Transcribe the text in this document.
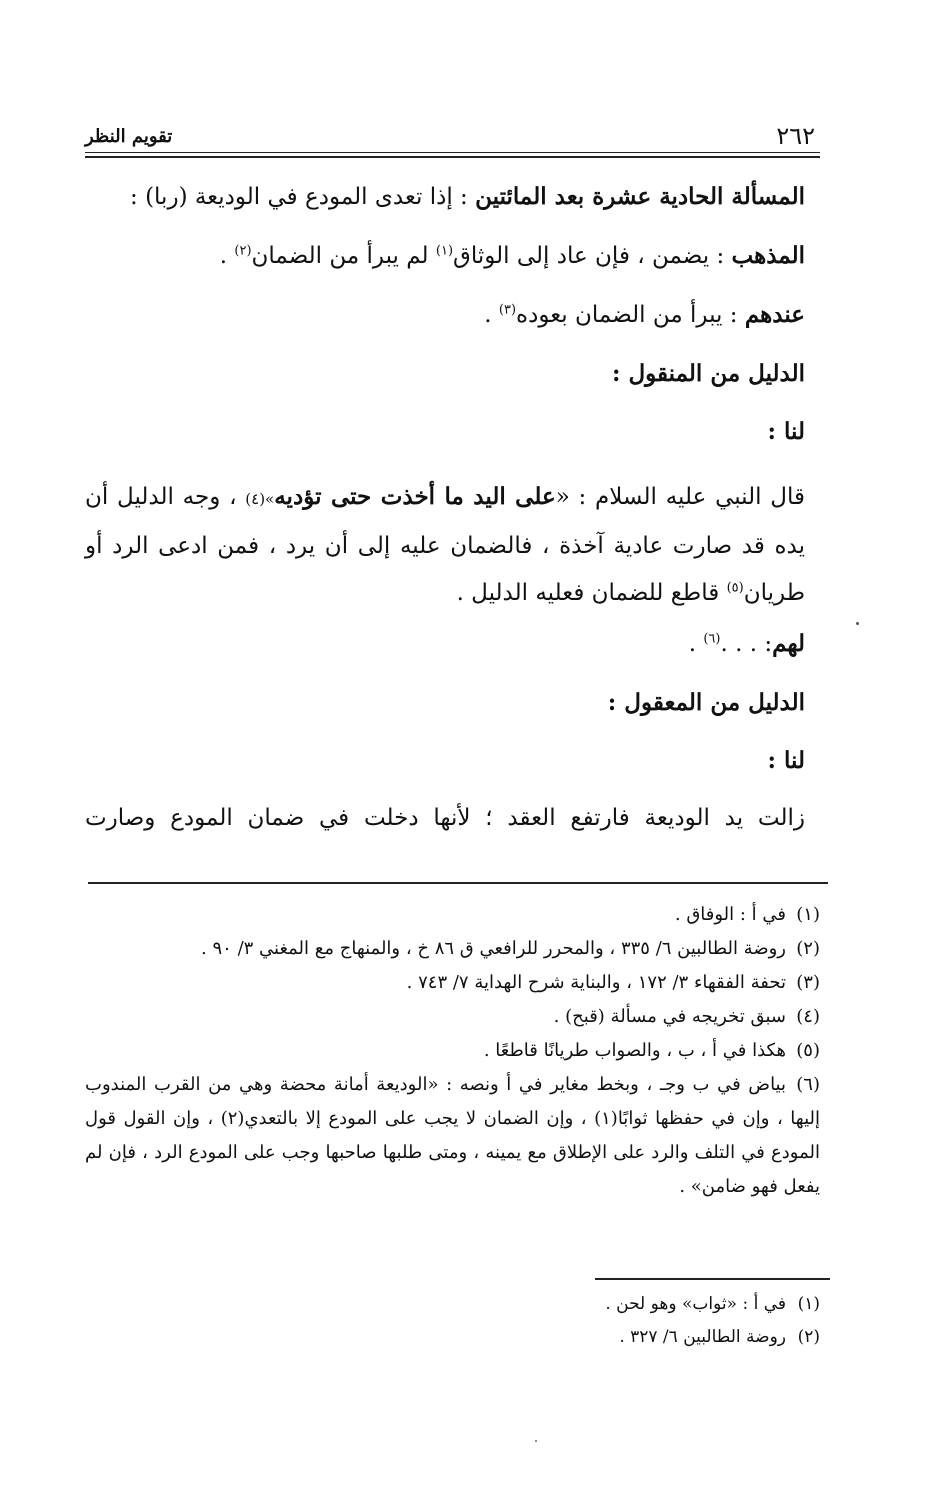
٢٦٢
تقويم النظر

المسألة الحادية عشرة بعد المائتين : إذا تعدى المودع في الوديعة (ربا) :

المذهب : يضمن ، فإن عاد إلى الوثاق$^{(١)}$ لم يبرأ من الضمان$^{(٢)}$ .

عندهم : يبرأ من الضمان بعوده$^{(٣)}$ .

الدليل من المنقول :

لنا :

قال النبي عليه السلام : «على اليد ما أخذت حتى تؤديه»(٤) ، وجه الدليل أن يده قد صارت عادية آخذة ، فالضمان عليه إلى أن يرد ، فمن ادعى الرد أو طريان$^{(٥)}$ قاطع للضمان فعليه الدليل .

لهم: . . .$^{(٦)}$ .

الدليل من المعقول :

لنا :

زالت يد الوديعة فارتفع العقد ؛ لأنها دخلت في ضمان المودع وصارت

(١)في أ : الوفاق .

(٢)روضة الطالبين ٦/ ٣٣٥ ، والمحرر للرافعي ق ٨٦ خ ، والمنهاج مع المغني ٣/ ٩٠ .

(٣)تحفة الفقهاء ٣/ ١٧٢ ، والبناية شرح الهداية ٧/ ٧٤٣ .

(٤)سبق تخريجه في مسألة (قبح) .

(٥)هكذا في أ ، ب ، والصواب طريانًا قاطعًا .

(٦)بياض في ب وجـ ، وبخط مغاير في أ ونصه : «الوديعة أمانة محضة وهي من القرب المندوب إليها ، وإن في حفظها ثوابًا(١) ، وإن الضمان لا يجب على المودع إلا بالتعدي(٢) ، وإن القول قول المودع في التلف والرد على الإطلاق مع يمينه ، ومتى طلبها صاحبها وجب على المودع الرد ، فإن لم يفعل فهو ضامن» .

(١)في أ : «ثواب» وهو لحن .

(٢)روضة الطالبين ٦/ ٣٢٧ .
